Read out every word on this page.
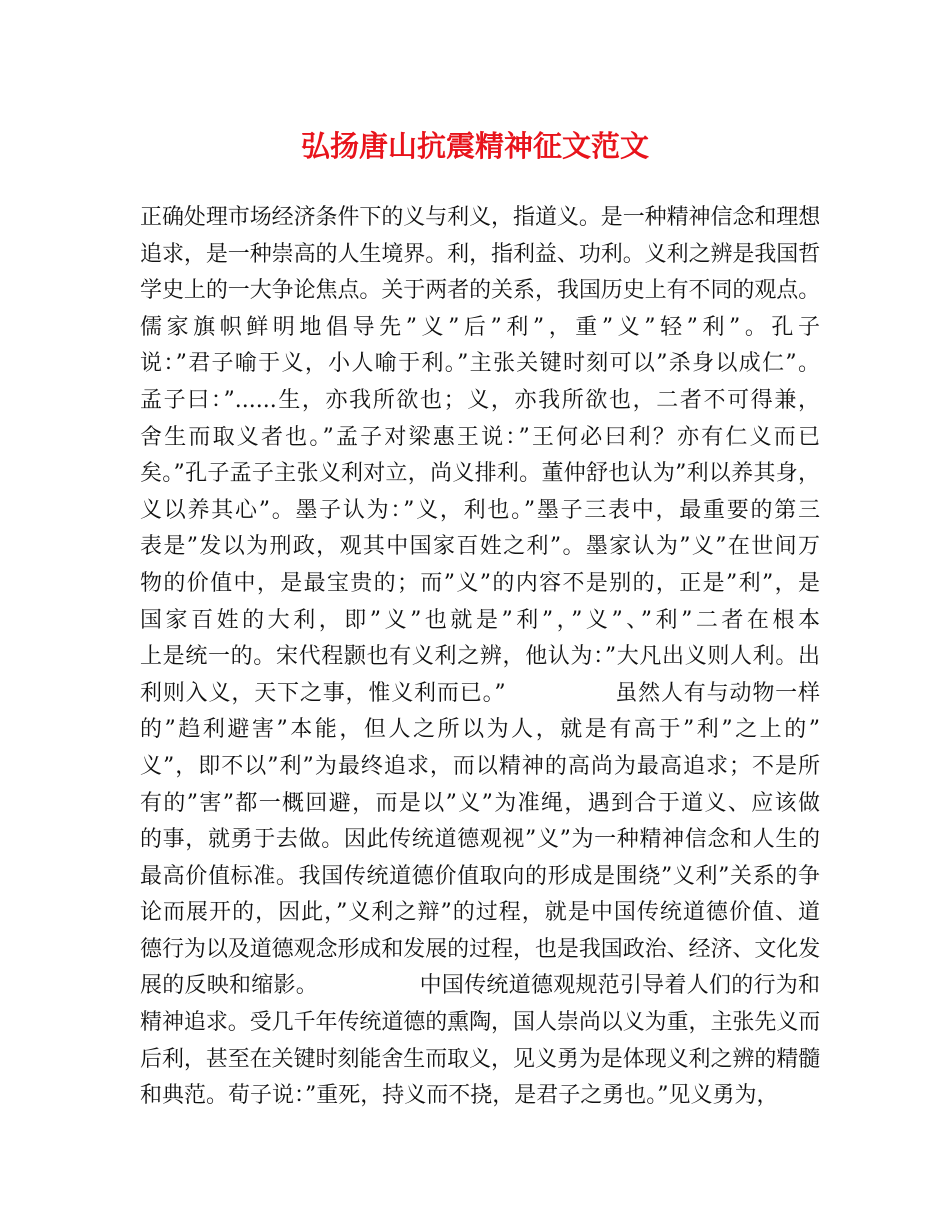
弘扬唐山抗震精神征文范文
正确处理市场经济条件下的义与利义，指道义。是一种精神信念和理想
追求，是一种崇高的人生境界。利，指利益、功利。义利之辨是我国哲
学史上的一大争论焦点。关于两者的关系，我国历史上有不同的观点。
儒家旗帜鲜明地倡导先”义”后”利”，重”义”轻”利”。孔子
说：”君子喻于义，小人喻于利。”主张关键时刻可以”杀身以成仁”。
孟子曰：”......生，亦我所欲也；义，亦我所欲也，二者不可得兼，
舍生而取义者也。”孟子对梁惠王说：”王何必曰利？亦有仁义而已
矣。”孔子孟子主张义利对立，尚义排利。董仲舒也认为”利以养其身，
义以养其心”。墨子认为：”义，利也。”墨子三表中，最重要的第三
表是”发以为刑政，观其中国家百姓之利”。墨家认为”义”在世间万
物的价值中，是最宝贵的；而”义”的内容不是别的，正是”利”，是
国家百姓的大利，即”义”也就是”利”，”义”、”利”二者在根本
上是统一的。宋代程颢也有义利之辨，他认为：”大凡出义则人利。出
利则入义，天下之事，惟义利而已。”              虽然人有与动物一样
的”趋利避害”本能，但人之所以为人，就是有高于”利”之上的”
义”，即不以”利”为最终追求，而以精神的高尚为最高追求；不是所
有的”害”都一概回避，而是以”义”为准绳，遇到合于道义、应该做
的事，就勇于去做。因此传统道德观视”义”为一种精神信念和人生的
最高价值标准。我国传统道德价值取向的形成是围绕”义利”关系的争
论而展开的，因此，”义利之辩”的过程，就是中国传统道德价值、道
德行为以及道德观念形成和发展的过程，也是我国政治、经济、文化发
展的反映和缩影。              中国传统道德观规范引导着人们的行为和
精神追求。受几千年传统道德的熏陶，国人崇尚以义为重，主张先义而
后利，甚至在关键时刻能舍生而取义，见义勇为是体现义利之辨的精髓
和典范。荀子说：”重死，持义而不挠，是君子之勇也。”见义勇为，
